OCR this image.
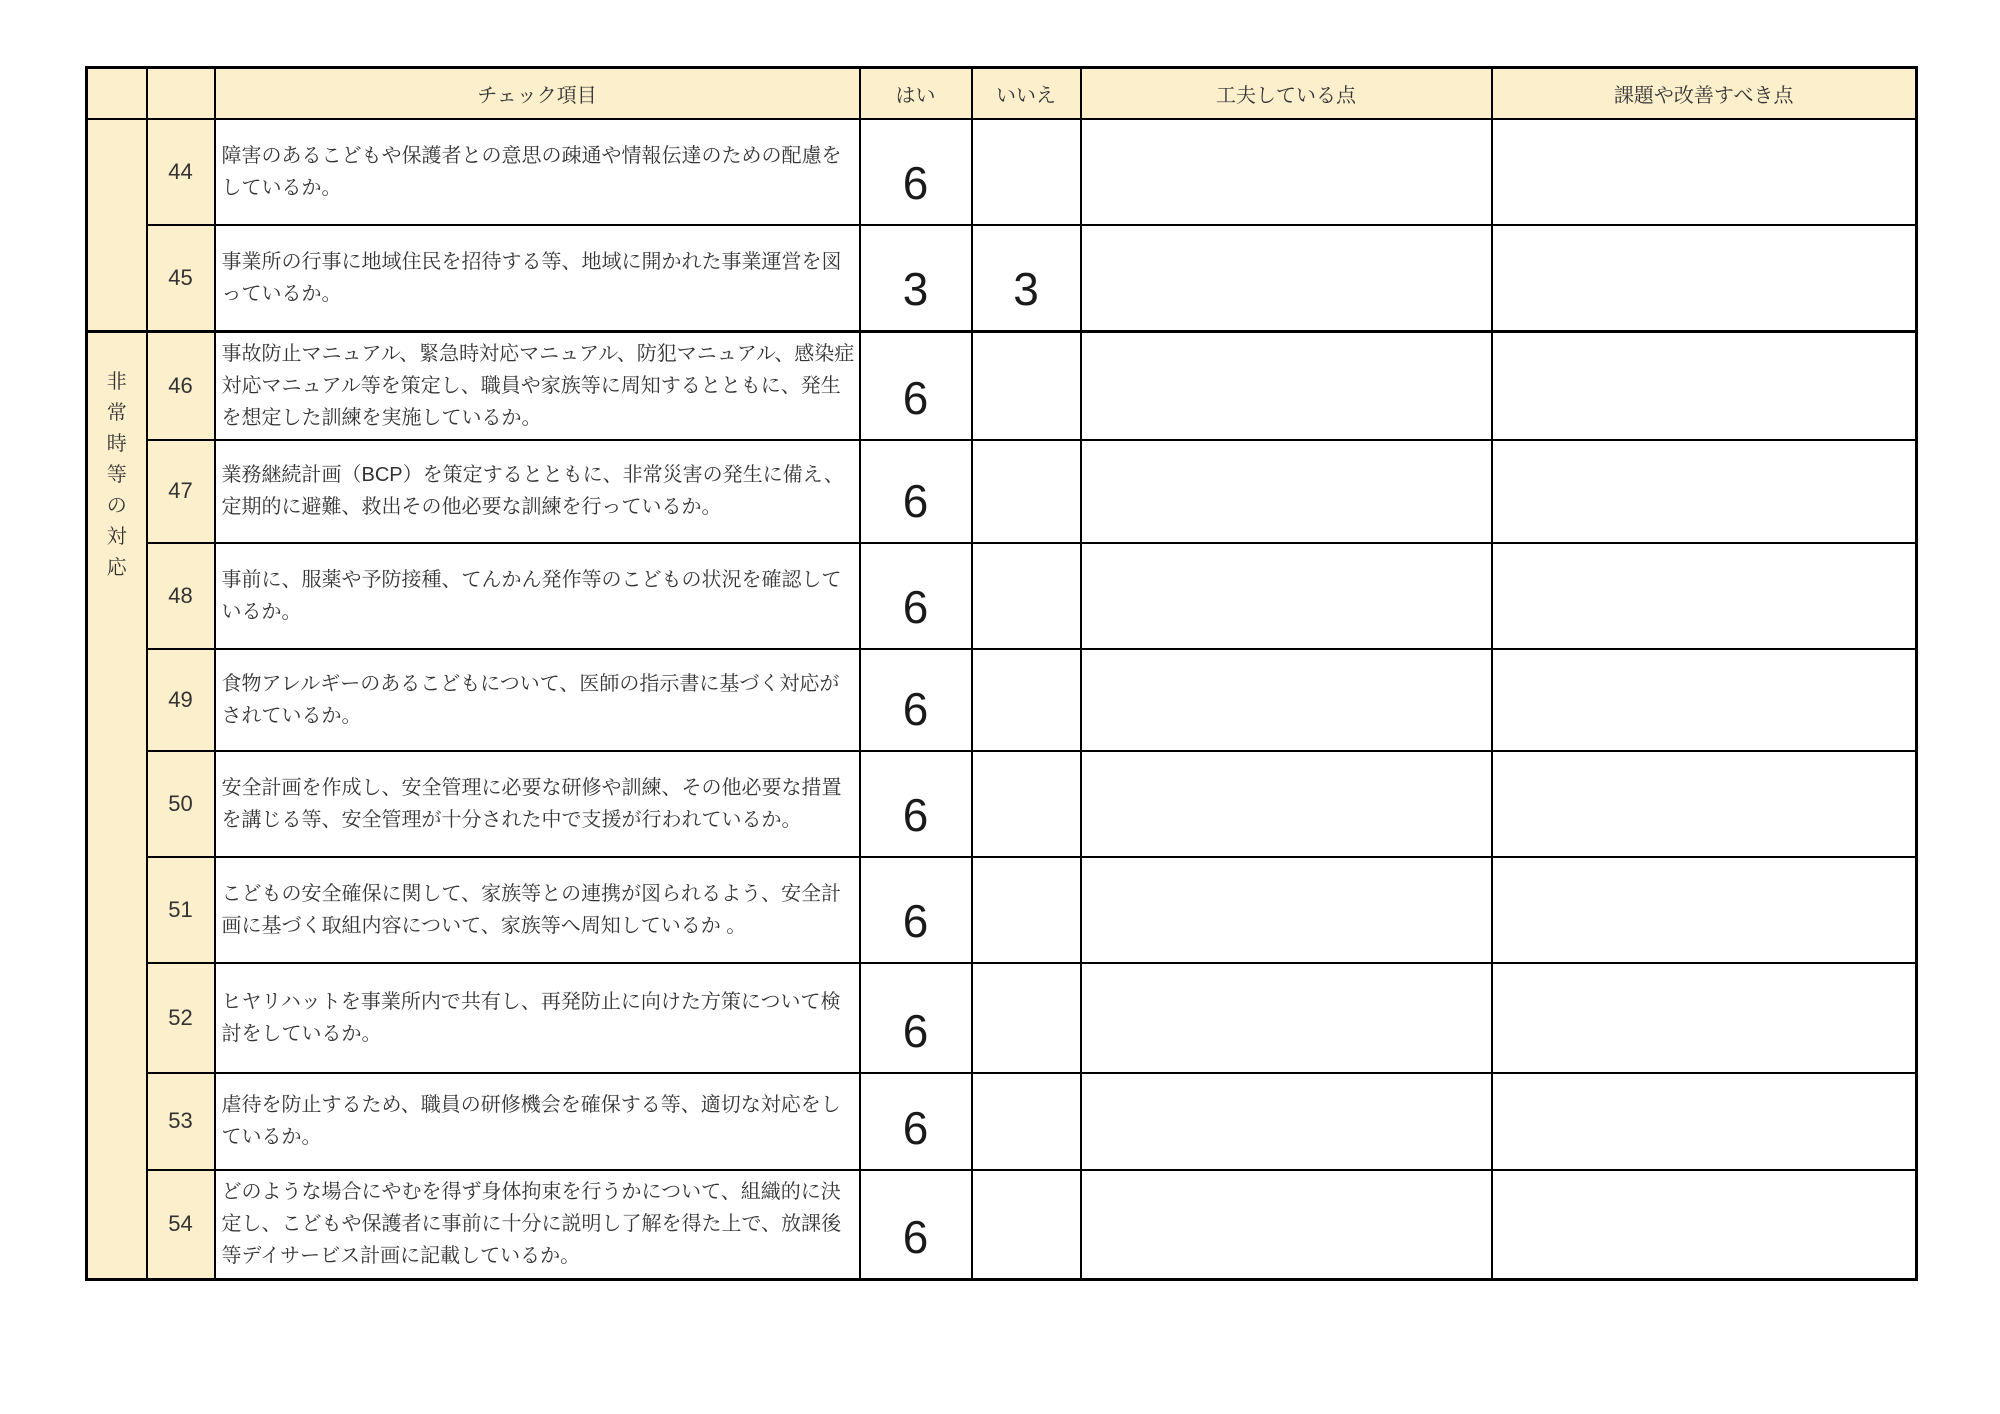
		チェック項目	はい	いいえ	工夫している点	課題や改善すべき点
	44	障害のあるこどもや保護者との意思の疎通や情報伝達のための配慮をしているか。	6			
	45	事業所の行事に地域住民を招待する等、地域に開かれた事業運営を図っているか。	3	3		

非
常
時
等
の
対
応
	46	事故防止マニュアル、緊急時対応マニュアル、防犯マニュアル、感染症対応マニュアル等を策定し、職員や家族等に周知するとともに、発生を想定した訓練を実施しているか。	6			
	47	業務継続計画（BCP）を策定するとともに、非常災害の発生に備え、定期的に避難、救出その他必要な訓練を行っているか。	6			
	48	事前に、服薬や予防接種、てんかん発作等のこどもの状況を確認しているか。	6			
	49	食物アレルギーのあるこどもについて、医師の指示書に基づく対応がされているか。	6			
	50	安全計画を作成し、安全管理に必要な研修や訓練、その他必要な措置を講じる等、安全管理が十分された中で支援が行われているか。	6			
	51	こどもの安全確保に関して、家族等との連携が図られるよう、安全計画に基づく取組内容について、家族等へ周知しているか 。	6			
	52	ヒヤリハットを事業所内で共有し、再発防止に向けた方策について検討をしているか。	6			
	53	虐待を防止するため、職員の研修機会を確保する等、適切な対応をしているか。	6			
	54	どのような場合にやむを得ず身体拘束を行うかについて、組織的に決定し、こどもや保護者に事前に十分に説明し了解を得た上で、放課後等デイサービス計画に記載しているか。	6			
